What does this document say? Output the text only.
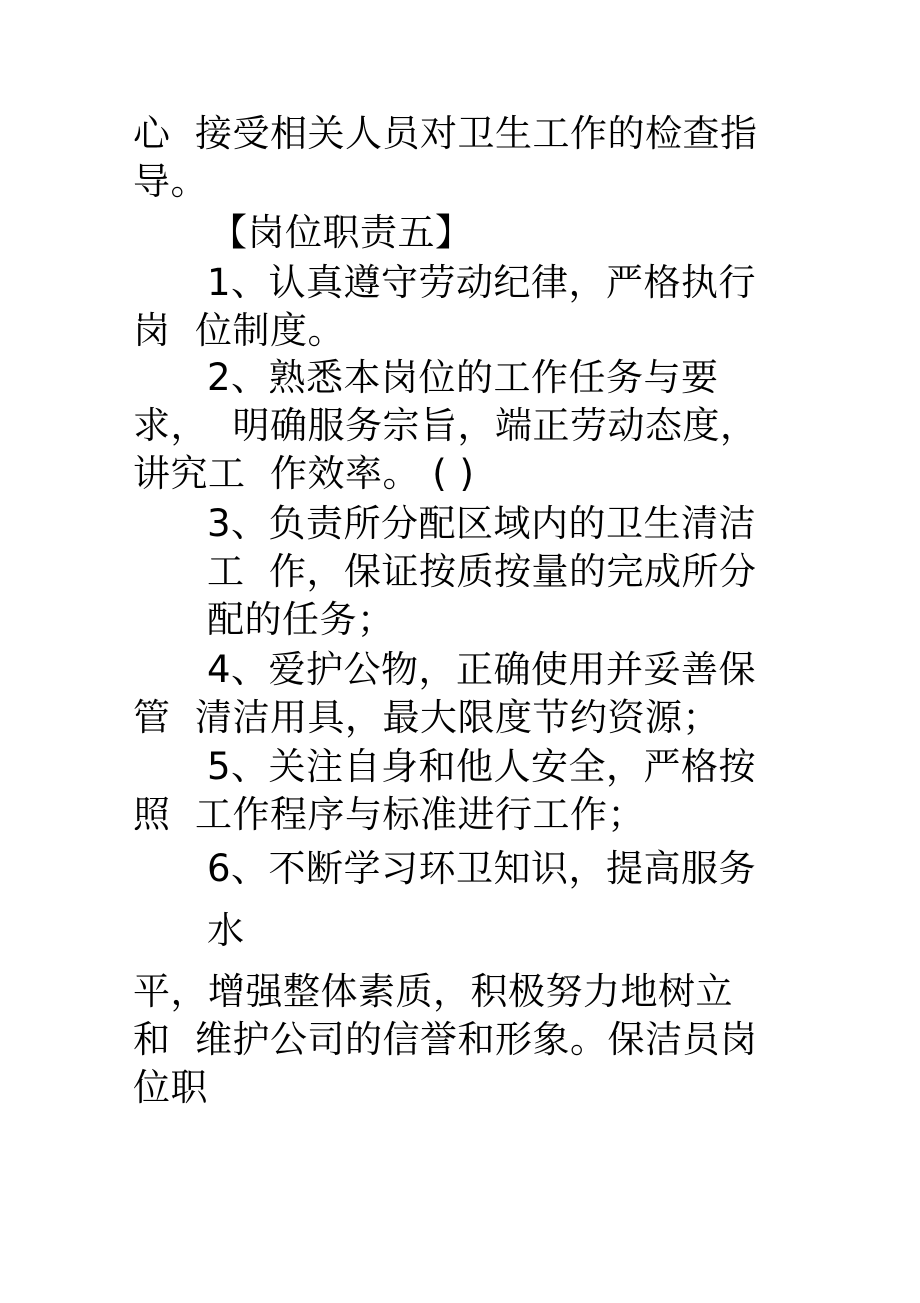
心  接受相关人员对卫生工作的检查指
导。
【岗位职责五】
1、认真遵守劳动纪律，严格执行
岗  位制度。
2、熟悉本岗位的工作任务与要
求，  明确服务宗旨，端正劳动态度，
讲究工  作效率。 ( )
3、负责所分配区域内的卫生清洁
工  作，保证按质按量的完成所分
配的任务；
4、爱护公物，正确使用并妥善保
管  清洁用具，最大限度节约资源；
5、关注自身和他人安全，严格按
照  工作程序与标准进行工作；
6、不断学习环卫知识，提高服务
水
平，增强整体素质，积极努力地树立
和  维护公司的信誉和形象。保洁员岗
位职
